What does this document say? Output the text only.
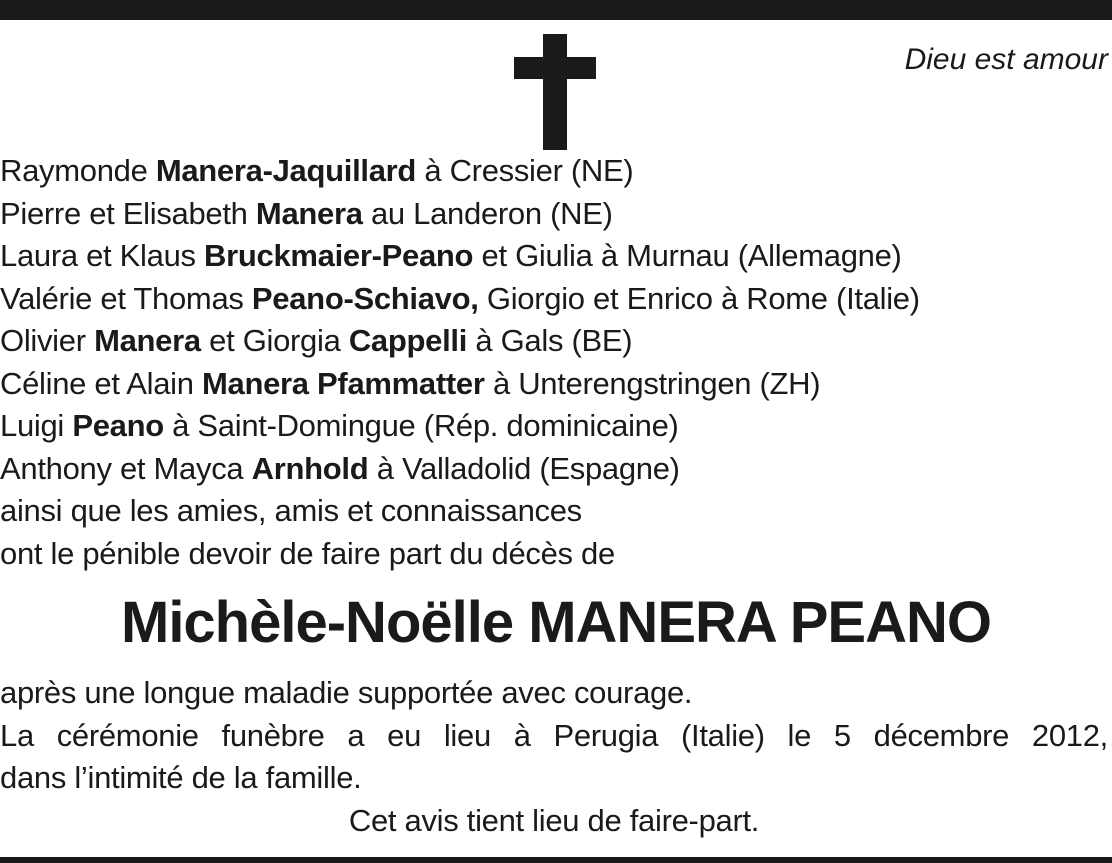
Dieu est amour
Raymonde Manera-Jaquillard à Cressier (NE)
Pierre et Elisabeth Manera au Landeron (NE)
Laura et Klaus Bruckmaier-Peano et Giulia à Murnau (Allemagne)
Valérie et Thomas Peano-Schiavo, Giorgio et Enrico à Rome (Italie)
Olivier Manera et Giorgia Cappelli à Gals (BE)
Céline et Alain Manera Pfammatter à Unterengstringen (ZH)
Luigi Peano à Saint-Domingue (Rép. dominicaine)
Anthony et Mayca Arnhold à Valladolid (Espagne)
ainsi que les amies, amis et connaissances
ont le pénible devoir de faire part du décès de
Michèle-Noëlle MANERA PEANO
après une longue maladie supportée avec courage.
La cérémonie funèbre a eu lieu à Perugia (Italie) le 5 décembre 2012,
dans l’intimité de la famille.
Cet avis tient lieu de faire-part.
